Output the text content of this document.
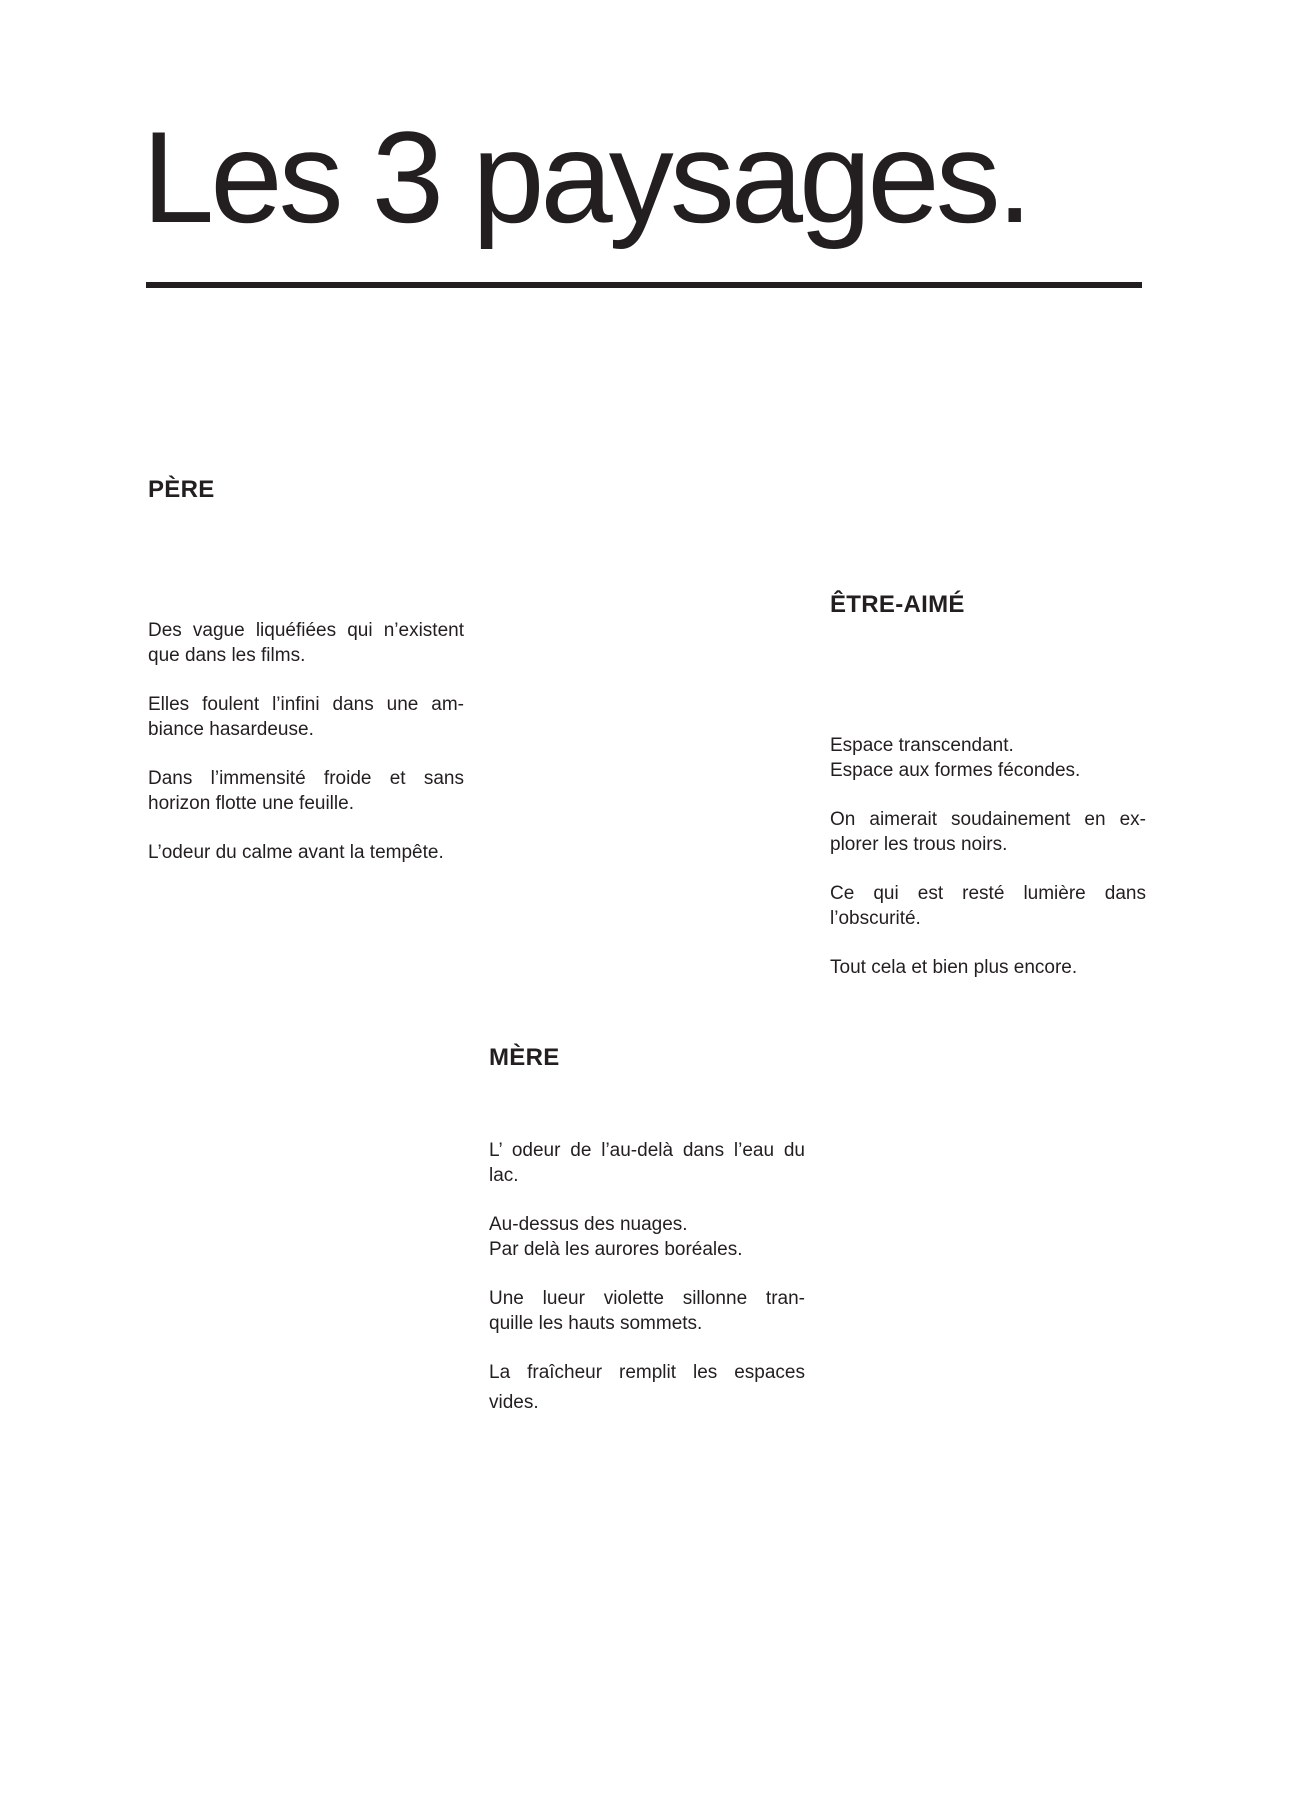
Les 3 paysages.
PÈRE

Des vague liquéfiées qui n’existent
que dans les films.

Elles foulent l’infini dans une am-
biance hasardeuse.

Dans l’immensité froide et sans
horizon flotte une feuille.

L’odeur du calme avant la tempête.

ÊTRE-AIMÉ

Espace transcendant.
Espace aux formes fécondes.

On aimerait soudainement en ex-
plorer les trous noirs.

Ce qui est resté lumière dans
l’obscurité.

Tout cela et bien plus encore.

MÈRE

L’ odeur de l’au-delà dans l’eau du
lac.

Au-dessus des nuages.
Par delà les aurores boréales.

Une lueur violette sillonne tran-
quille les hauts sommets.

La fraîcheur remplit les espaces
vides.
